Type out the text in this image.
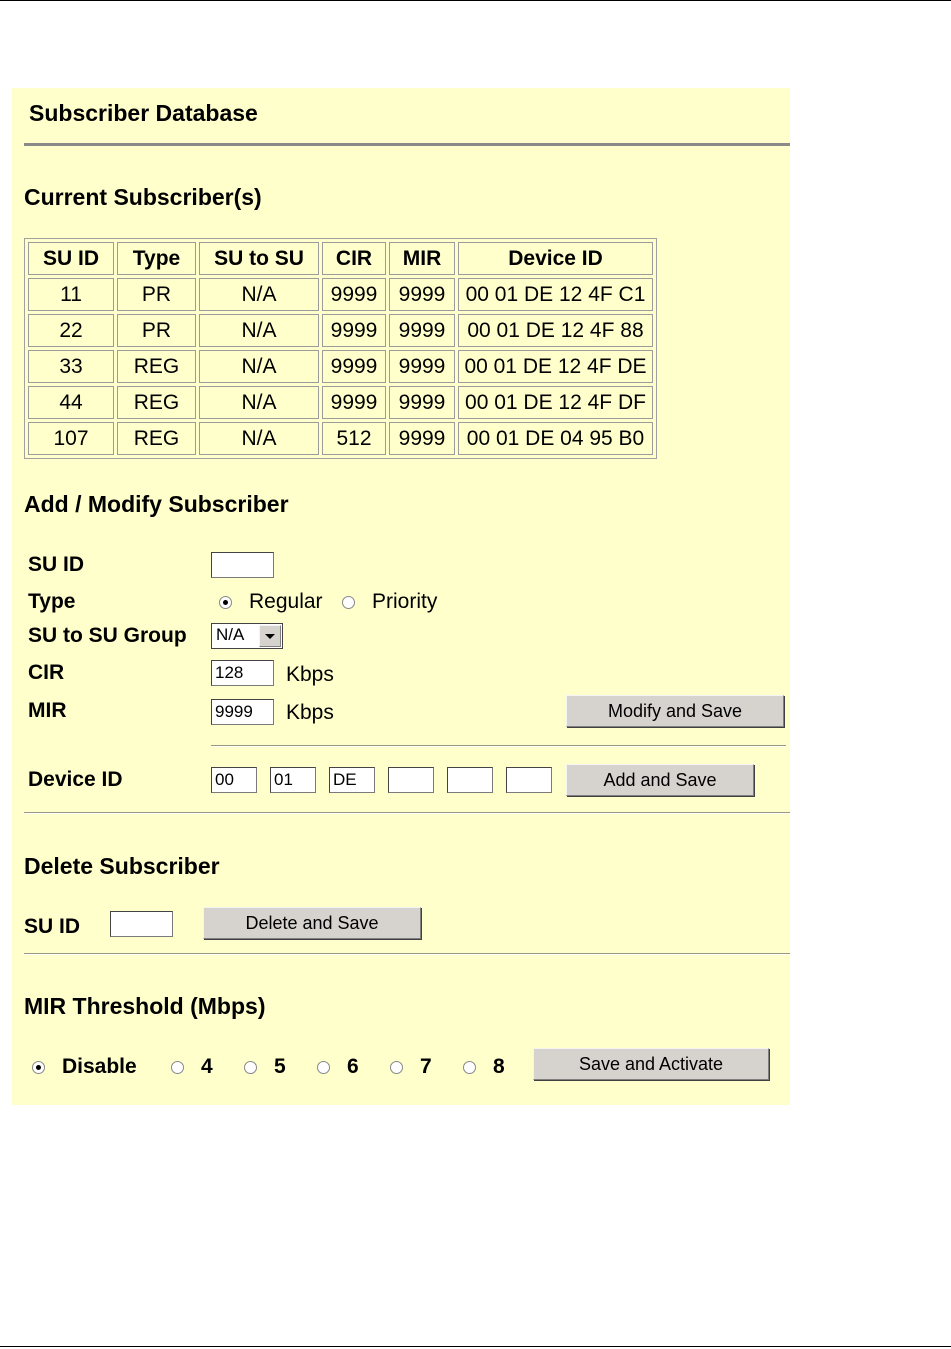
Subscriber Database
Current Subscriber(s)
SU ID	Type	SU to SU	CIR	MIR	Device ID
11	PR	N/A	9999	9999	00 01 DE 12 4F C1
22	PR	N/A	9999	9999	00 01 DE 12 4F 88
33	REG	N/A	9999	9999	00 01 DE 12 4F DE
44	REG	N/A	9999	9999	00 01 DE 12 4F DF
107	REG	N/A	512	9999	00 01 DE 04 95 B0
Add / Modify Subscriber
SU ID
Type	Regular Priority
SU to SU Group N/A
CIR	128	Kbps
MIR	9999	Kbps	Modify and Save
Device ID	00	01	DE	Add and Save
Delete Subscriber
SU ID	Delete and Save
MIR Threshold (Mbps)
Disable	4	5	6	7	8	Save and Activate
